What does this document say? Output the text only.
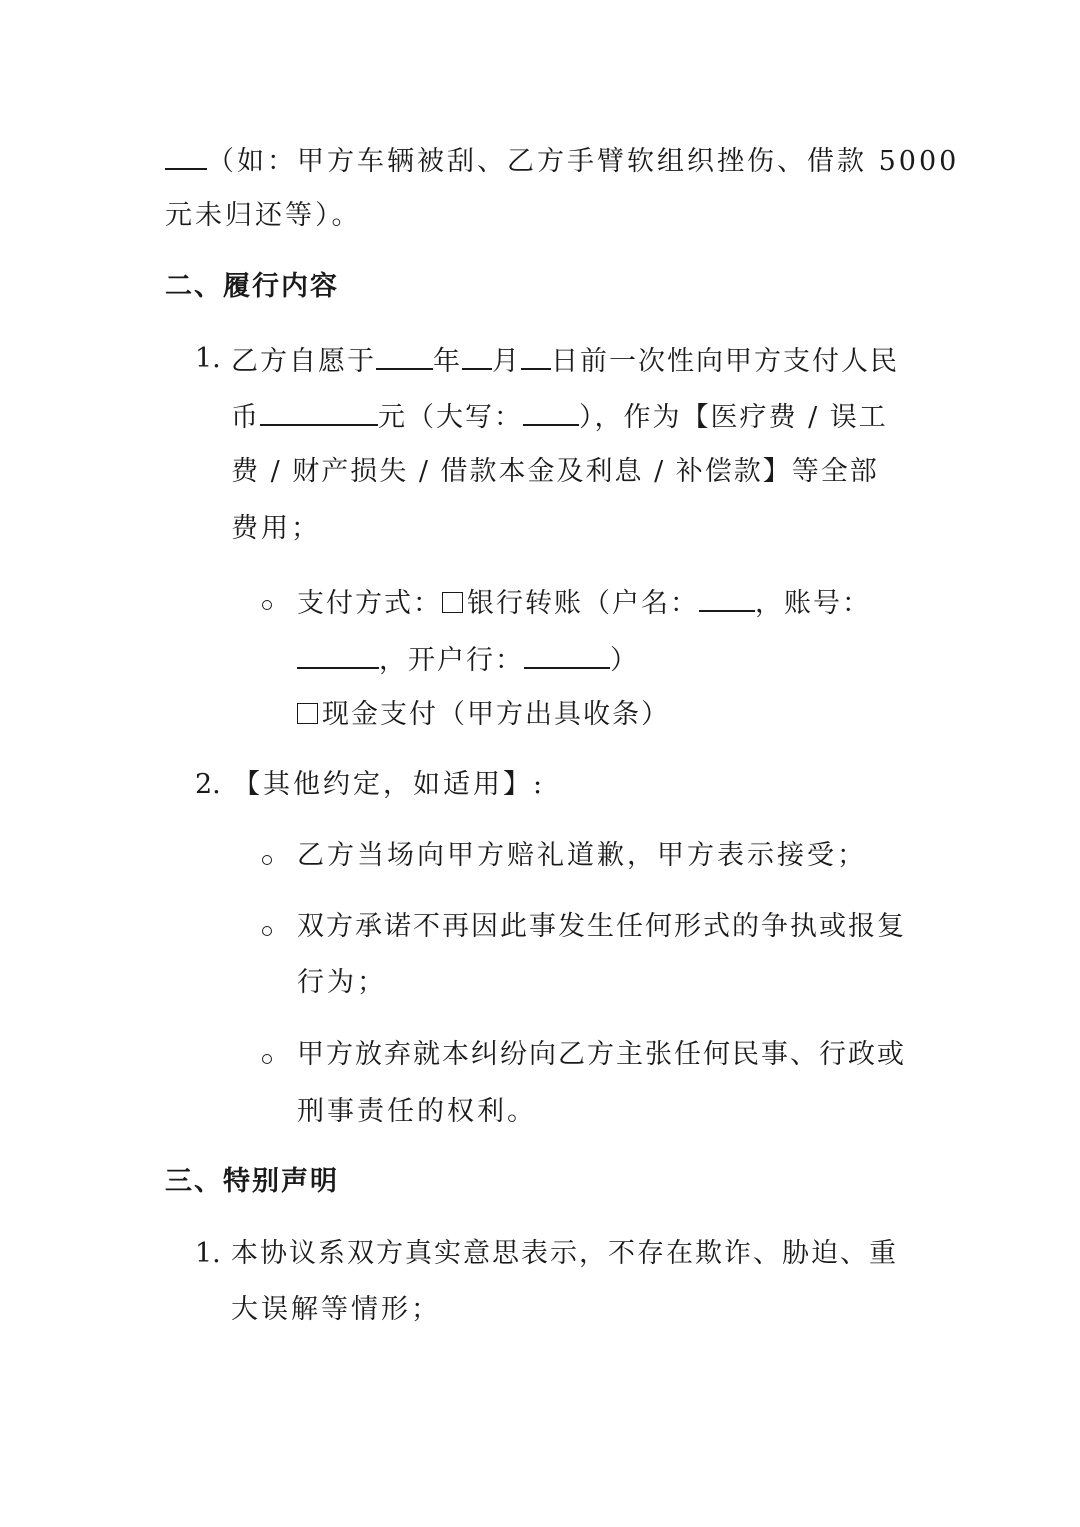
（如：甲方车辆被刮、乙方手臂软组织挫伤、借款 5000
元未归还等）。
二、履行内容
1. 乙方自愿于 年 月 日前一次性向甲方支付人民
币	元（大写： ），作为【医疗费 / 误工
费 / 财产损失 / 借款本金及利息 / 补偿款】等全部
费用；
支付方式： 银行转账（户名： ，账号：
，开户行：	）
现金支付（甲方出具收条）
2. 【其他约定，如适用】:
乙方当场向甲方赔礼道歉，甲方表示接受；
双方承诺不再因此事发生任何形式的争执或报复
行为；
甲方放弃就本纠纷向乙方主张任何民事、行政或
刑事责任的权利。
三、特别声明
1. 本协议系双方真实意思表示，不存在欺诈、胁迫、重
大误解等情形；
